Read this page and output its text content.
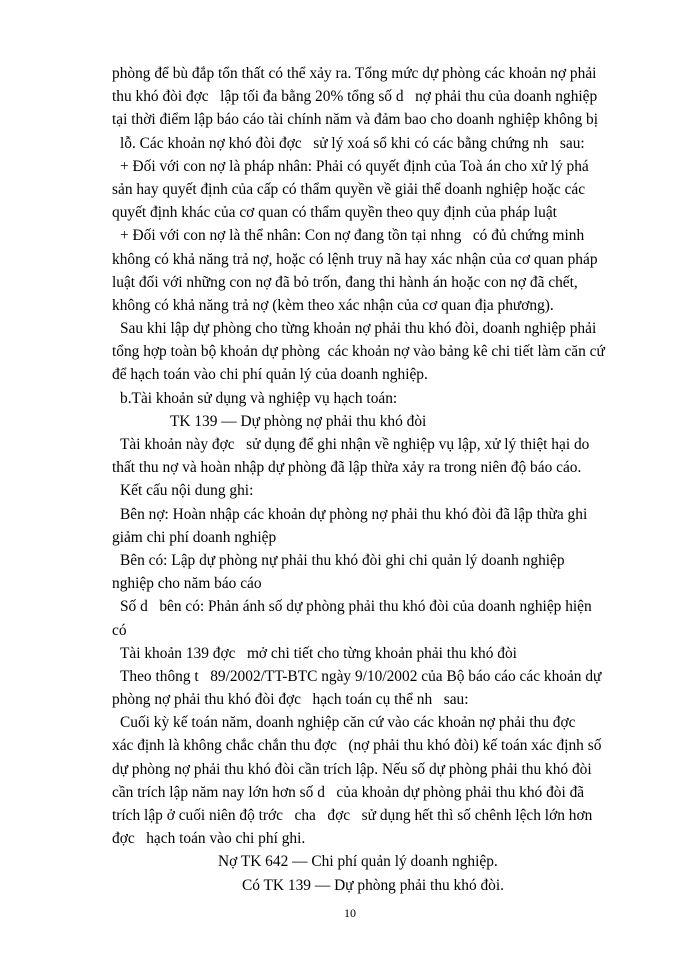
phòng để bù đắp tổn thất có thể xảy ra. Tổng mức dự phòng các khoản nợ phải
thu khó đòi đợc   lập tối đa bằng 20% tổng số d   nợ phải thu của doanh nghiệp
tại thời điểm lập báo cáo tài chính năm và đảm bao cho doanh nghiệp không bị
lỗ. Các khoản nợ khó đòi đợc   sử lý xoá sổ khi có các bằng chứng nh   sau:
+ Đối với con nợ là pháp nhân: Phải có quyết định của Toà án cho xử lý phá
sản hay quyết định của cấp có thẩm quyền về giải thể doanh nghiệp hoặc các
quyết định khác của cơ quan có thẩm quyền theo quy định của pháp luật
+ Đối với con nợ là thể nhân: Con nợ đang tồn tại nhng   có đủ chứng minh
không có khả năng trả nợ, hoặc có lệnh truy nã hay xác nhận của cơ quan pháp
luật đối với những con nợ đã bỏ trốn, đang thi hành án hoặc con nợ đã chết,
không có khả năng trả nợ (kèm theo xác nhận của cơ quan địa phương).
Sau khi lập dự phòng cho từng khoản nợ phải thu khó đòi, doanh nghiệp phải
tổng hợp toàn bộ khoản dự phòng  các khoản nợ vào bảng kê chi tiết làm căn cứ
để hạch toán vào chi phí quản lý của doanh nghiệp.
b.Tài khoản sử dụng và nghiệp vụ hạch toán:
TK 139 — Dự phòng nợ phải thu khó đòi
Tài khoản này đợc   sử dụng để ghi nhận về nghiệp vụ lập, xử lý thiệt hại do
thất thu nợ và hoàn nhập dự phòng đã lập thừa xảy ra trong niên độ báo cáo.
Kết cấu nội dung ghi:
Bên nợ: Hoàn nhập các khoản dự phòng nợ phải thu khó đòi đã lập thừa ghi
giảm chi phí doanh nghiệp
Bên có: Lập dự phòng nự phải thu khó đòi ghi chi quản lý doanh nghiệp
nghiệp cho năm báo cáo
Số d   bên có: Phản ánh số dự phòng phải thu khó đòi của doanh nghiệp hiện
có
Tài khoản 139 đợc   mở chi tiết cho từng khoản phải thu khó đòi
Theo thông t   89/2002/TT-BTC ngày 9/10/2002 của Bộ báo cáo các khoản dự
phòng nợ phải thu khó đòi đợc   hạch toán cụ thể nh   sau:
Cuối kỳ kế toán năm, doanh nghiệp căn cứ vào các khoản nợ phải thu đợc
xác định là không chắc chắn thu đợc   (nợ phải thu khó đòi) kế toán xác định số
dự phòng nợ phải thu khó đòi cần trích lập. Nếu số dự phòng phải thu khó đòi
cần trích lập năm nay lớn hơn số d   của khoản dự phòng phải thu khó đòi đã
trích lập ở cuối niên độ trớc   cha   đợc   sử dụng hết thì số chênh lệch lớn hơn
đợc   hạch toán vào chi phí ghi.
Nợ TK 642 — Chi phí quản lý doanh nghiệp.
Có TK 139 — Dự phòng phải thu khó đòi.
10
